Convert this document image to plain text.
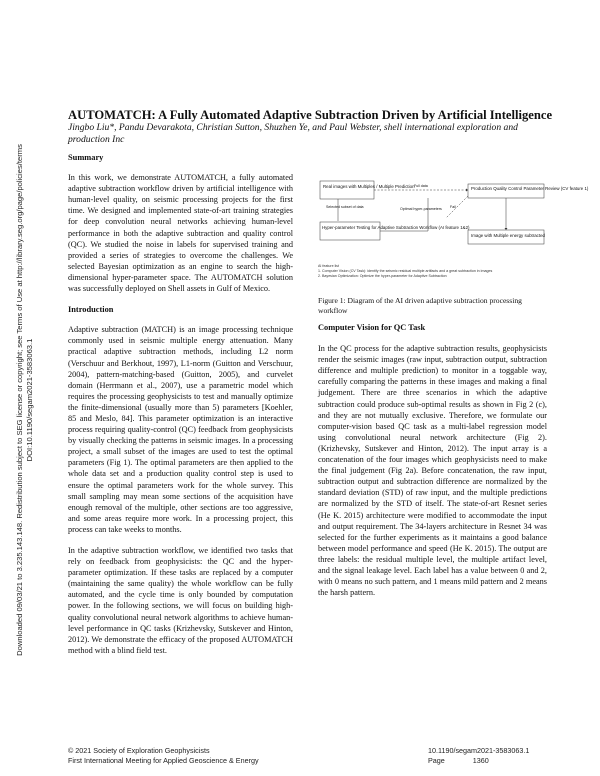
Downloaded 09/03/21 to 3.235.143.148. Redistribution subject to SEG license or copyright; see Terms of Use at http://library.seg.org/page/policies/terms DOI:10.1190/segam2021-3583063.1
AUTOMATCH: A Fully Automated Adaptive Subtraction Driven by Artificial Intelligence
Jingbo Liu*, Pandu Devarakota, Christian Sutton, Shuzhen Ye, and Paul Webster, shell international exploration and production Inc
Summary

In this work, we demonstrate AUTOMATCH, a fully automated adaptive subtraction workflow driven by artificial intelligence with human-level quality, on seismic processing projects for the first time. We designed and implemented state-of-art training strategies for deep convolution neural networks achieving human-level performance in both the adaptive subtraction and quality control (QC). We studied the noise in labels for supervised training and provided a series of strategies to overcome the challenges. We selected Bayesian optimization as an engine to search the high-dimensional hyper-parameter space. The AUTOMATCH solution was successfully deployed on Shell assets in Gulf of Mexico.

Introduction

Adaptive subtraction (MATCH) is an image processing technique commonly used in seismic multiple energy attenuation. Many practical adaptive subtraction methods, including L2 norm (Verschuur and Berkhout, 1997), L1-norm (Guitton and Verschuur, 2004), pattern-matching-based (Guitton, 2005), and curvelet domain (Herrmann et al., 2007), use a parametric model which requires the processing geophysicists to test and manually optimize the finite-dimensional (usually more than 5) parameters [Koehler, 85 and Meslo, 84]. This parameter optimization is an interactive process requiring quality-control (QC) feedback from geophysicists by visually checking the patterns in seismic images. In a processing project, a small subset of the images are used to test the optimal parameters (Fig 1). The optimal parameters are then applied to the whole data set and a production quality control step is used to ensure the optimal parameters work for the whole survey. This small sampling may mean some sections of the acquisition have enough removal of the multiple, other sections are too aggressive, and some areas require more work. In a processing project, this process can take weeks to months.

In the adaptive subtraction workflow, we identified two tasks that rely on feedback from geophysicists: the QC and the hyper-parameter optimization. If these tasks are replaced by a computer (maintaining the same quality) the whole workflow can be fully automated, and the cycle time is only bounded by computation power. In the following sections, we will focus on building high-quality convolutional neural network algorithms to achieve human-level performance in QC tasks (Krizhevsky, Sutskever and Hinton, 2012). We demonstrate the efficacy of the proposed AUTOMATCH method with a blind field test.

Real images with Multiples / Multiple Prediction	Production Quality Control Parameter Review (CV feature 1)
Hyper-parameter Testing for Adaptive Subtraction Workflow (AI feature 1&2)
Image with Multiple energy subtracted
Full data
Selected subset of data	Optimal hyper-parameters Fail
AI feature list
1. Computer Vision (CV Task): identify the seismic residual multiple artifacts and a great subtraction in images
2. Bayesian Optimization: Optimize the hyper-parameter for Adaptive Subtraction
Figure 1: Diagram of the AI driven adaptive subtraction processing workflow
Computer Vision for QC Task

In the QC process for the adaptive subtraction results, geophysicists render the seismic images (raw input, subtraction output, subtraction difference and multiple prediction) to monitor in a toggable way, carefully comparing the patterns in these images and making a final judgement. There are three scenarios in which the adaptive subtraction could produce sub-optimal results as shown in Fig 2 (c), and they are not mutually exclusive. Therefore, we formulate our computer-vision based QC task as a multi-label regression model using convolutional neural network architecture (Fig 2). (Krizhevsky, Sutskever and Hinton, 2012). The input array is a concatenation of the four images which geophysicists need to make the final judgement (Fig 2a). Before concatenation, the raw input, subtraction output and subtraction difference are normalized by the standard deviation (STD) of raw input, and the multiple predictions are normalized by the STD of itself. The state-of-art Resnet series (He K. 2015) architecture were modified to accommodate the input and output requirement. The 34-layers architecture in Resnet 34 was selected for the further experiments as it maintains a good balance between model performance and speed (He K. 2015). The output are three labels: the residual multiple level, the multiple artifact level, and the signal leakage level. Each label has a value between 0 and 2, with 0 means no such pattern, and 1 means mild pattern and 2 means the harsh pattern.

© 2021 Society of Exploration Geophysicists
First International Meeting for Applied Geoscience & Energy
10.1190/segam2021-3583063.1
Page	1360
